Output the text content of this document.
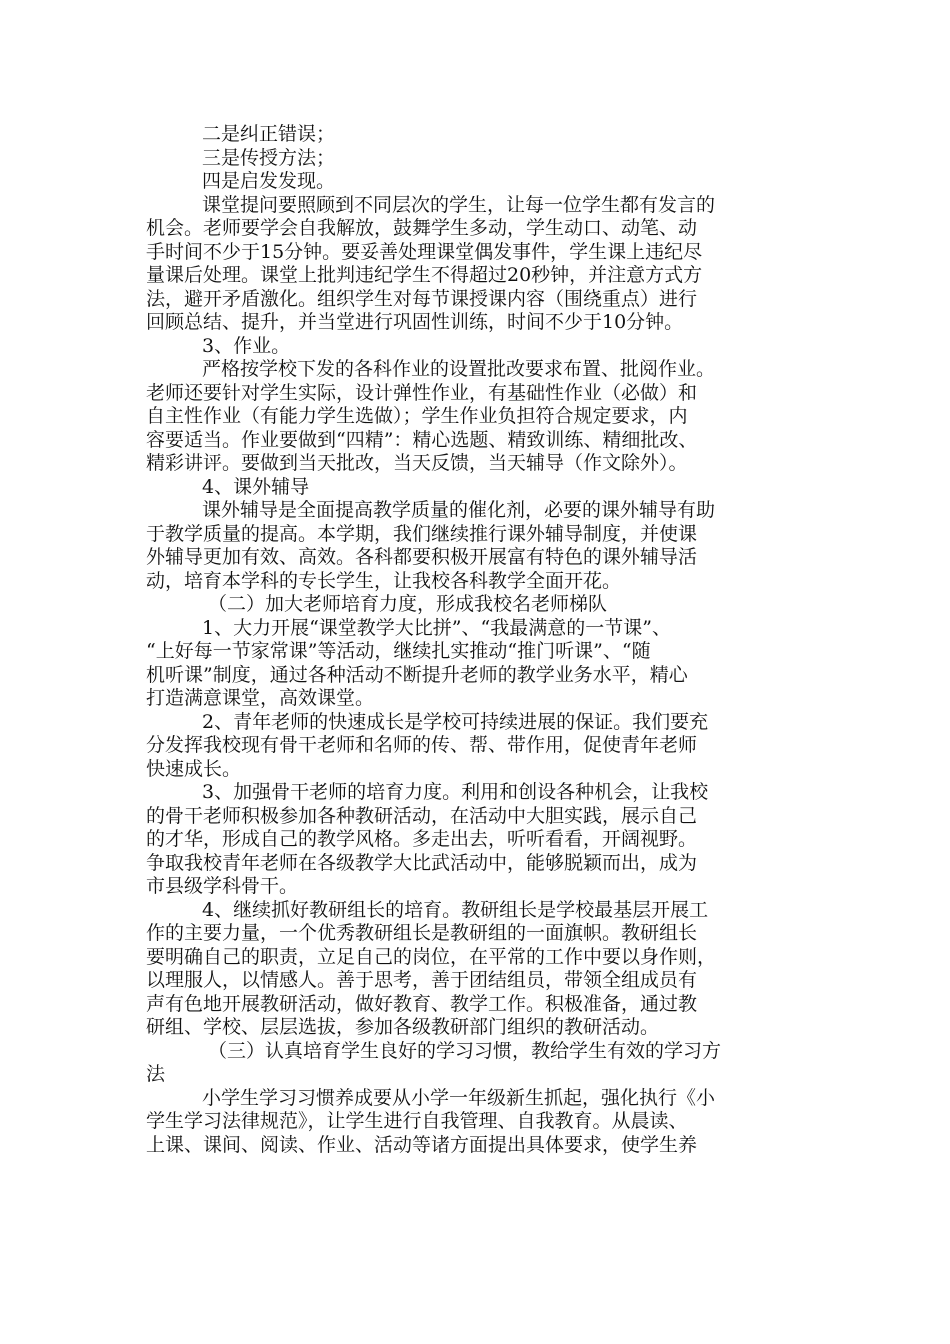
二是纠正错误；

三是传授方法；

四是启发发现。

课堂提问要照顾到不同层次的学生，让每一位学生都有发言的

机会。老师要学会自我解放，鼓舞学生多动，学生动口、动笔、动

手时间不少于15分钟。要妥善处理课堂偶发事件，学生课上违纪尽

量课后处理。课堂上批判违纪学生不得超过20秒钟，并注意方式方

法，避开矛盾激化。组织学生对每节课授课内容（围绕重点）进行

回顾总结、提升，并当堂进行巩固性训练，时间不少于10分钟。

3、作业。

严格按学校下发的各科作业的设置批改要求布置、批阅作业。

老师还要针对学生实际，设计弹性作业，有基础性作业（必做）和

自主性作业（有能力学生选做）；学生作业负担符合规定要求，内

容要适当。作业要做到“四精”：精心选题、精致训练、精细批改、

精彩讲评。要做到当天批改，当天反馈，当天辅导（作文除外）。

4、课外辅导

课外辅导是全面提高教学质量的催化剂，必要的课外辅导有助

于教学质量的提高。本学期，我们继续推行课外辅导制度，并使课

外辅导更加有效、高效。各科都要积极开展富有特色的课外辅导活

动，培育本学科的专长学生，让我校各科教学全面开花。

（二）加大老师培育力度，形成我校名老师梯队

1、大力开展“课堂教学大比拼”、“我最满意的一节课”、

“上好每一节家常课”等活动，继续扎实推动“推门听课”、“随

机听课”制度，通过各种活动不断提升老师的教学业务水平，精心

打造满意课堂，高效课堂。

2、青年老师的快速成长是学校可持续进展的保证。我们要充

分发挥我校现有骨干老师和名师的传、帮、带作用，促使青年老师

快速成长。

3、加强骨干老师的培育力度。利用和创设各种机会，让我校

的骨干老师积极参加各种教研活动，在活动中大胆实践，展示自己

的才华，形成自己的教学风格。多走出去，听听看看，开阔视野。

争取我校青年老师在各级教学大比武活动中，能够脱颖而出，成为

市县级学科骨干。

4、继续抓好教研组长的培育。教研组长是学校最基层开展工

作的主要力量，一个优秀教研组长是教研组的一面旗帜。教研组长

要明确自己的职责，立足自己的岗位，在平常的工作中要以身作则，

以理服人，以情感人。善于思考，善于团结组员，带领全组成员有

声有色地开展教研活动，做好教育、教学工作。积极准备，通过教

研组、学校、层层选拔，参加各级教研部门组织的教研活动。

（三）认真培育学生良好的学习习惯，教给学生有效的学习方

法

小学生学习习惯养成要从小学一年级新生抓起，强化执行《小

学生学习法律规范》，让学生进行自我管理、自我教育。从晨读、

上课、课间、阅读、作业、活动等诸方面提出具体要求，使学生养
